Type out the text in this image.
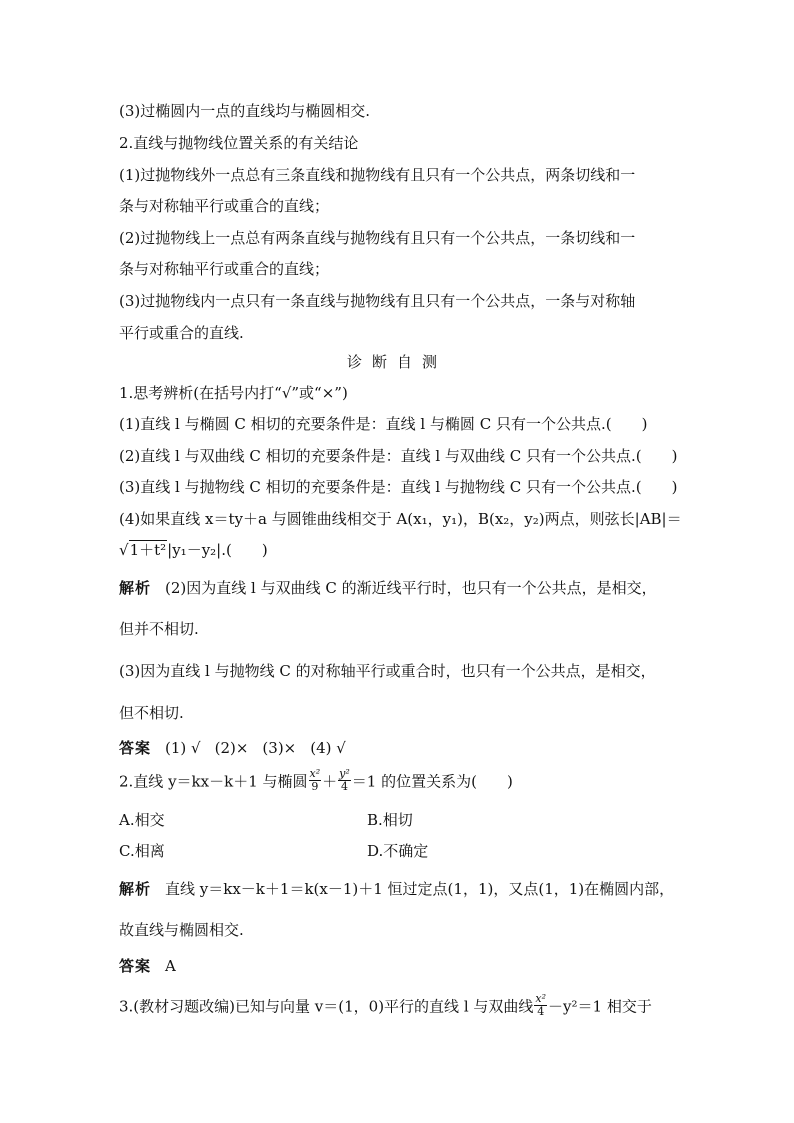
(3)过椭圆内一点的直线均与椭圆相交.
2.直线与抛物线位置关系的有关结论
(1)过抛物线外一点总有三条直线和抛物线有且只有一个公共点，两条切线和一
条与对称轴平行或重合的直线；
(2)过抛物线上一点总有两条直线与抛物线有且只有一个公共点，一条切线和一
条与对称轴平行或重合的直线；
(3)过抛物线内一点只有一条直线与抛物线有且只有一个公共点，一条与对称轴
平行或重合的直线.
诊断自测
1.思考辨析(在括号内打“√”或“×”)
(1)直线 l 与椭圆 C 相切的充要条件是：直线 l 与椭圆 C 只有一个公共点.(　　)
(2)直线 l 与双曲线 C 相切的充要条件是：直线 l 与双曲线 C 只有一个公共点.(　　)
(3)直线 l 与抛物线 C 相切的充要条件是：直线 l 与抛物线 C 只有一个公共点.(　　)
(4)如果直线 x＝ty＋a 与圆锥曲线相交于 A(x₁，y₁)，B(x₂，y₂)两点，则弦长|AB|＝
√1＋t²|y₁－y₂|.(　　)
解析 (2)因为直线 l 与双曲线 C 的渐近线平行时，也只有一个公共点，是相交，
但并不相切.
(3)因为直线 l 与抛物线 C 的对称轴平行或重合时，也只有一个公共点，是相交，
但不相切.
答案 (1) √ (2)× (3)× (4) √
2.直线 y＝kx－k＋1 与椭圆 $\frac{\text{x²}}{9} + \frac{\text{y²}}{4} =1$ 的位置关系为(　　)
A.相交	B.相切
C.相离	D.不确定
解析 直线 y＝kx－k＋1＝k(x－1)＋1 恒过定点(1，1)，又点(1，1)在椭圆内部，
故直线与椭圆相交.
答案 A
3.(教材习题改编)已知与向量 v＝(1，0)平行的直线 l 与双曲线 $\frac{\text{x²}}{4} -y^2=1$ 相交于
